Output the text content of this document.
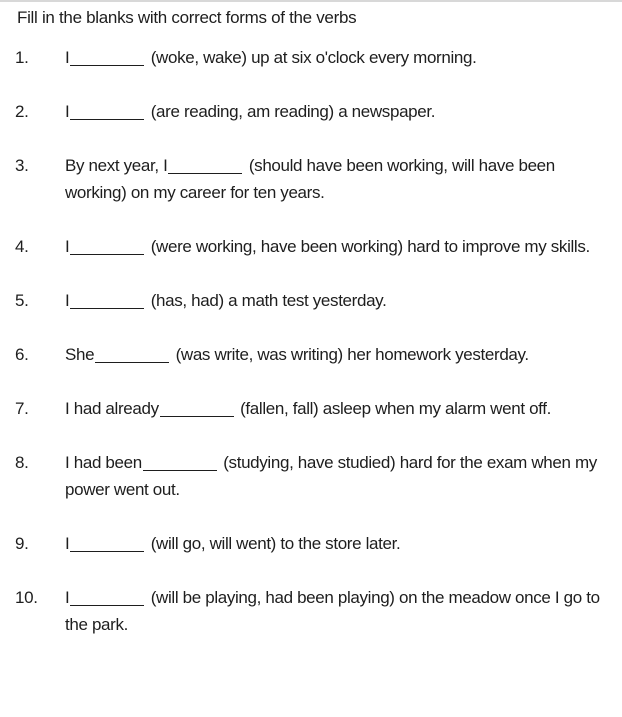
Fill in the blanks with correct forms of the verbs
1.	I	(woke, wake) up at six o'clock every morning.
2.	I	(are reading, am reading) a newspaper.
3.	By next year, I	(should have been working, will have been working) on my career for ten years.
4.	I	(were working, have been working) hard to improve my skills.
5.	I	(has, had) a math test yesterday.
6.	She	(was write, was writing) her homework yesterday.
7.	I had already	(fallen, fall) asleep when my alarm went off.
8.	I had been	(studying, have studied) hard for the exam when my power went out.
9.	I	(will go, will went) to the store later.
10.	I	(will be playing, had been playing) on the meadow once I go to the park.
